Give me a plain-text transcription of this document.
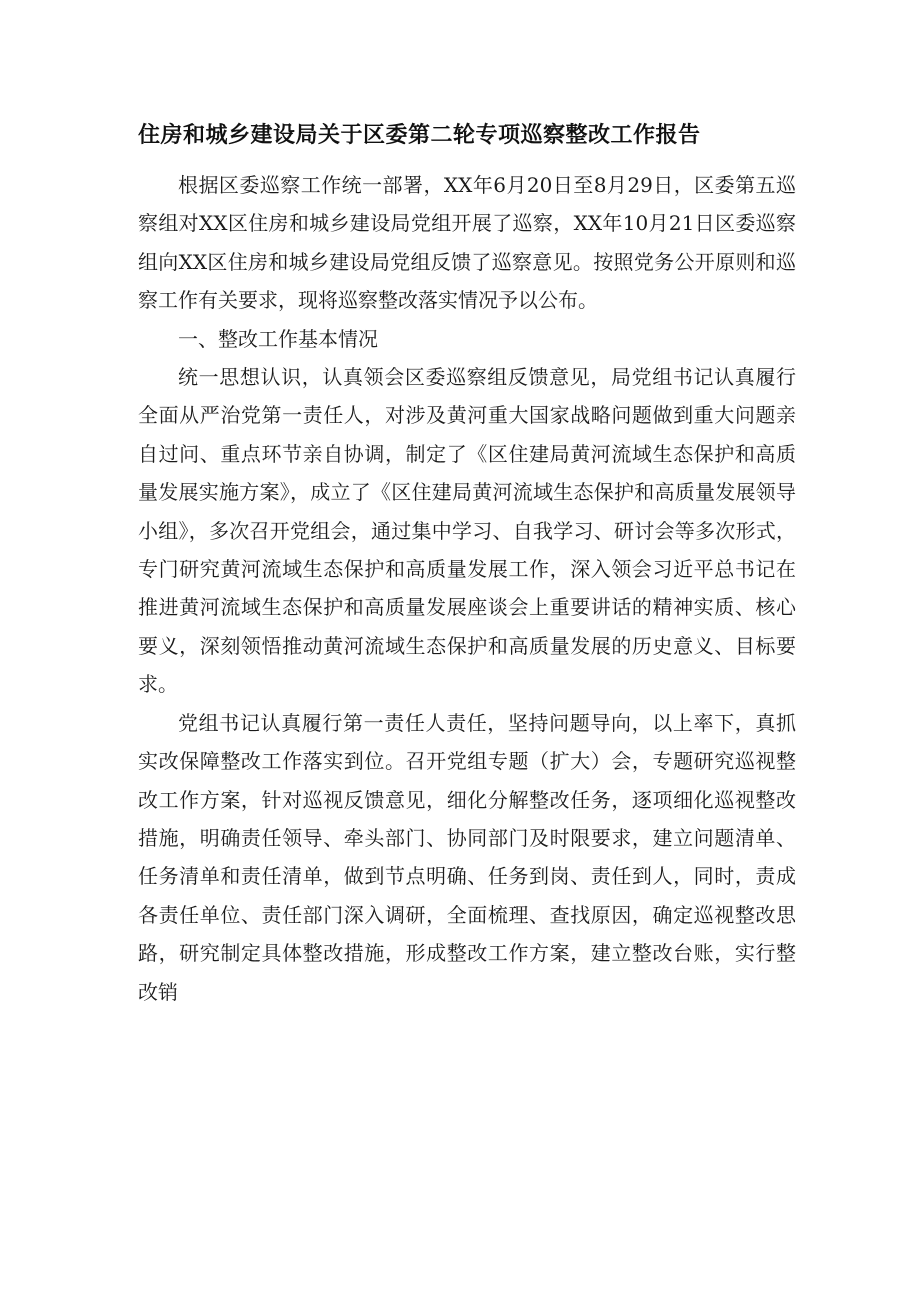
住房和城乡建设局关于区委第二轮专项巡察整改工作报告

根据区委巡察工作统一部署，XX年6月20日至8月29日，区委第五巡察组对XX区住房和城乡建设局党组开展了巡察，XX年10月21日区委巡察组向XX区住房和城乡建设局党组反馈了巡察意见。按照党务公开原则和巡察工作有关要求，现将巡察整改落实情况予以公布。

一、整改工作基本情况

统一思想认识，认真领会区委巡察组反馈意见，局党组书记认真履行全面从严治党第一责任人，对涉及黄河重大国家战略问题做到重大问题亲自过问、重点环节亲自协调，制定了《区住建局黄河流域生态保护和高质量发展实施方案》，成立了《区住建局黄河流域生态保护和高质量发展领导小组》，多次召开党组会，通过集中学习、自我学习、研讨会等多次形式，专门研究黄河流域生态保护和高质量发展工作，深入领会习近平总书记在推进黄河流域生态保护和高质量发展座谈会上重要讲话的精神实质、核心要义，深刻领悟推动黄河流域生态保护和高质量发展的历史意义、目标要求。

党组书记认真履行第一责任人责任，坚持问题导向，以上率下，真抓实改保障整改工作落实到位。召开党组专题（扩大）会，专题研究巡视整改工作方案，针对巡视反馈意见，细化分解整改任务，逐项细化巡视整改措施，明确责任领导、牵头部门、协同部门及时限要求，建立问题清单、任务清单和责任清单，做到节点明确、任务到岗、责任到人，同时，责成各责任单位、责任部门深入调研，全面梳理、查找原因，确定巡视整改思路，研究制定具体整改措施，形成整改工作方案，建立整改台账，实行整改销
